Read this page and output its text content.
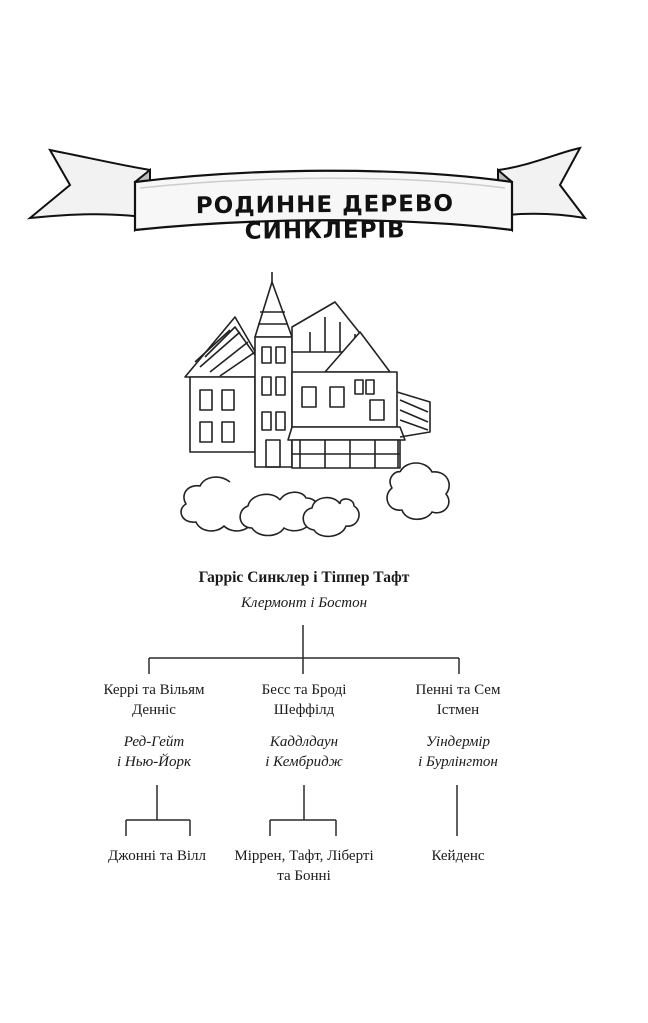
РОДИННЕ ДЕРЕВО СИНКЛЕРІВ
Гарріс Синклер і Тіппер Тафт
Клермонт і Бостон
Керрі та Вільям
Денніс
Бесс та Броді
Шеффілд
Пенні та Сем
Істмен
Ред-Гейт
і Нью-Йорк
Каддлдаун
і Кембридж
Уіндермір
і Бурлінгтон
Джонні та Вілл	Міррен, Тафт, Ліберті
та Бонні
Кейденс
